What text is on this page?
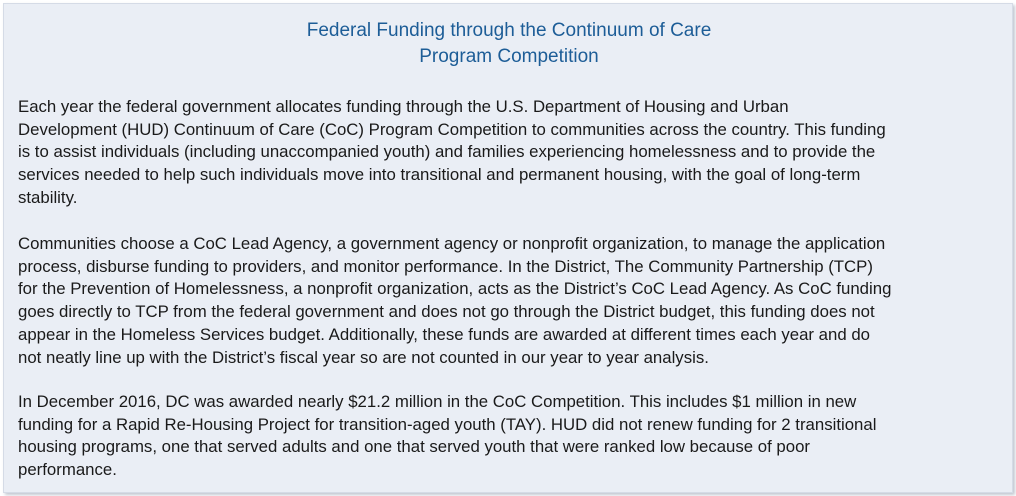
Federal Funding through the Continuum of Care
Program Competition

Each year the federal government allocates funding through the U.S. Department of Housing and Urban
Development (HUD) Continuum of Care (CoC) Program Competition to communities across the country. This funding
is to assist individuals (including unaccompanied youth) and families experiencing homelessness and to provide the
services needed to help such individuals move into transitional and permanent housing, with the goal of long-term
stability.

Communities choose a CoC Lead Agency, a government agency or nonprofit organization, to manage the application
process, disburse funding to providers, and monitor performance. In the District, The Community Partnership (TCP)
for the Prevention of Homelessness, a nonprofit organization, acts as the District’s CoC Lead Agency. As CoC funding
goes directly to TCP from the federal government and does not go through the District budget, this funding does not
appear in the Homeless Services budget. Additionally, these funds are awarded at different times each year and do
not neatly line up with the District’s fiscal year so are not counted in our year to year analysis.

In December 2016, DC was awarded nearly $21.2 million in the CoC Competition. This includes $1 million in new
funding for a Rapid Re-Housing Project for transition-aged youth (TAY). HUD did not renew funding for 2 transitional
housing programs, one that served adults and one that served youth that were ranked low because of poor
performance.
